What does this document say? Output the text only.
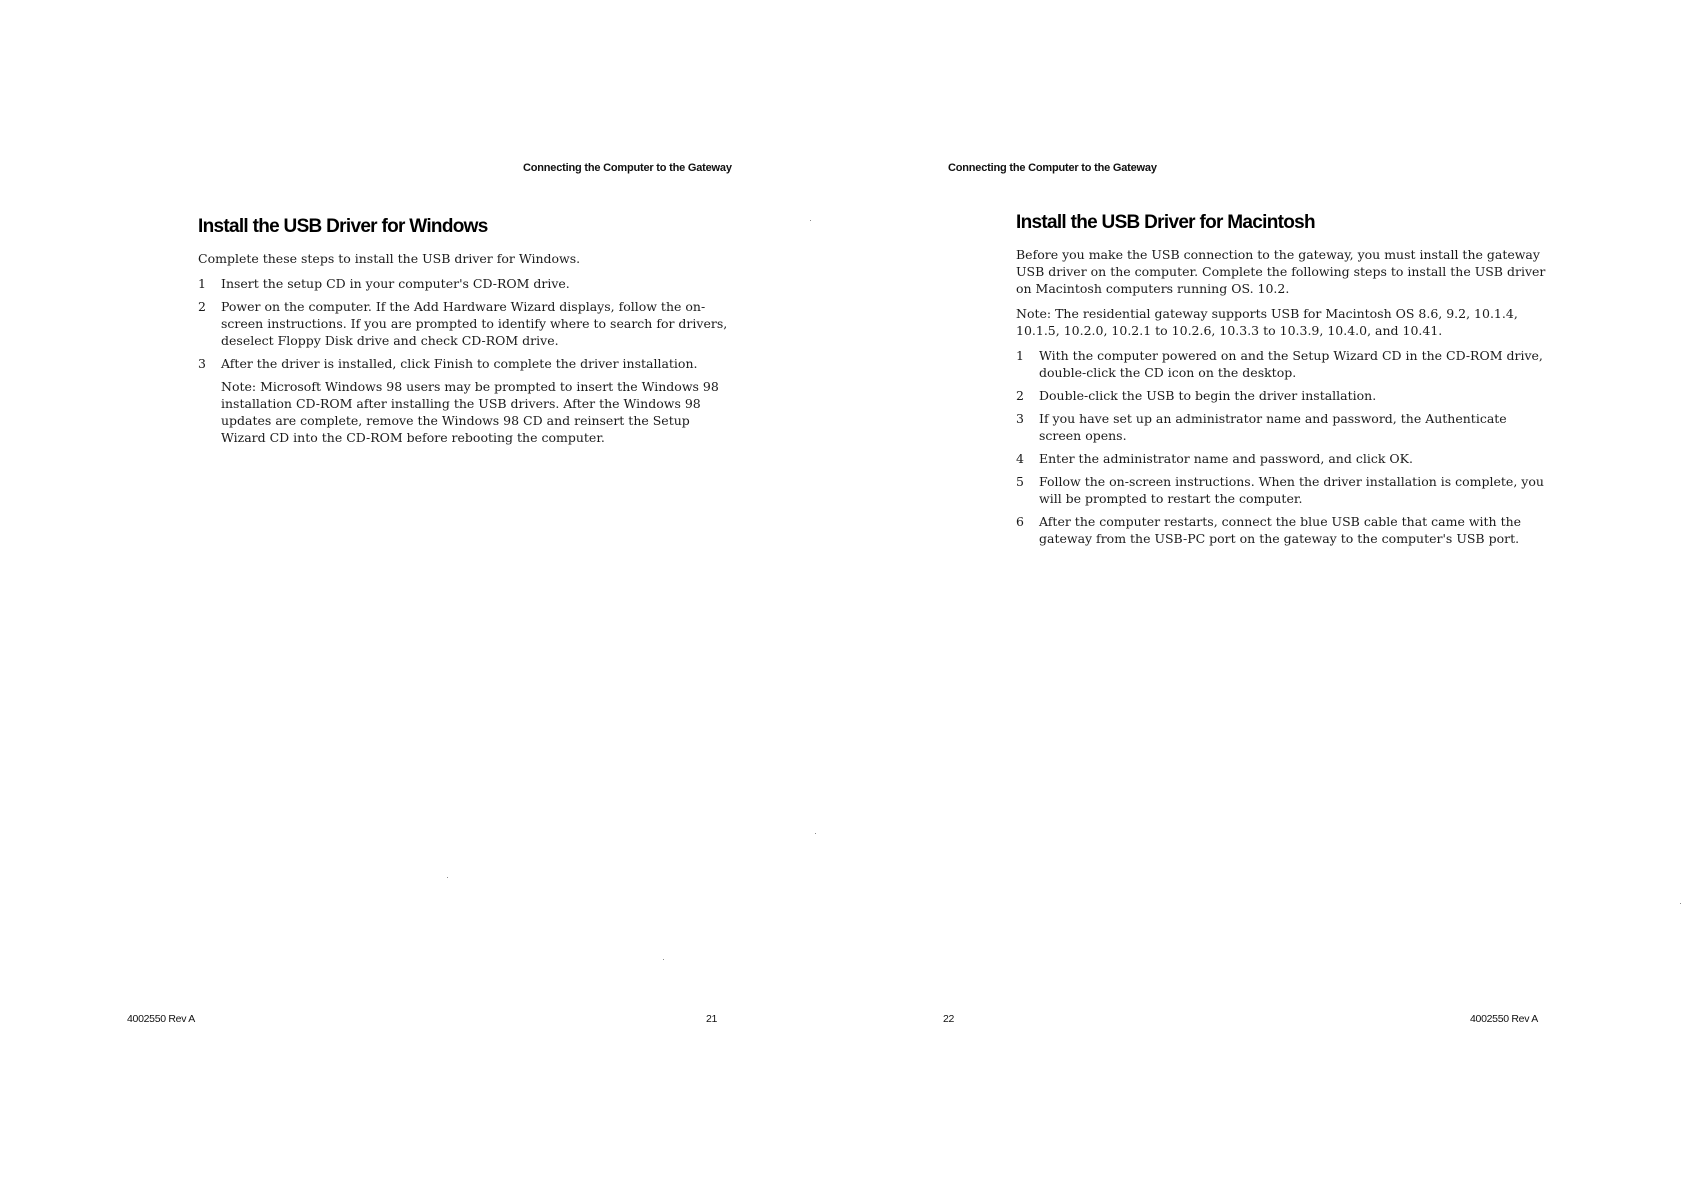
Connecting the Computer to the Gateway
Install the USB Driver for Windows

Complete these steps to install the USB driver for Windows.

1	Insert the setup CD in your computer's CD-ROM drive.
2	Power on the computer. If the Add Hardware Wizard displays, follow the on-screen instructions. If you are prompted to identify where to search for drivers, deselect Floppy Disk drive and check CD-ROM drive.
3	After the driver is installed, click Finish to complete the driver installation.

Note: Microsoft Windows 98 users may be prompted to insert the Windows 98 installation CD-ROM after installing the USB drivers. After the Windows 98 updates are complete, remove the Windows 98 CD and reinsert the Setup Wizard CD into the CD-ROM before rebooting the computer.

Connecting the Computer to the Gateway
Install the USB Driver for Macintosh

Before you make the USB connection to the gateway, you must install the gateway USB driver on the computer. Complete the following steps to install the USB driver on Macintosh computers running OS. 10.2.

Note: The residential gateway supports USB for Macintosh OS 8.6, 9.2, 10.1.4, 10.1.5, 10.2.0, 10.2.1 to 10.2.6, 10.3.3 to 10.3.9, 10.4.0, and 10.41.

1	With the computer powered on and the Setup Wizard CD in the CD-ROM drive, double-click the CD icon on the desktop.
2	Double-click the USB to begin the driver installation.
3	If you have set up an administrator name and password, the Authenticate screen opens.
4	Enter the administrator name and password, and click OK.
5	Follow the on-screen instructions. When the driver installation is complete, you will be prompted to restart the computer.
6	After the computer restarts, connect the blue USB cable that came with the gateway from the USB-PC port on the gateway to the computer's USB port.
4002550 Rev A	21	22	4002550 Rev A
